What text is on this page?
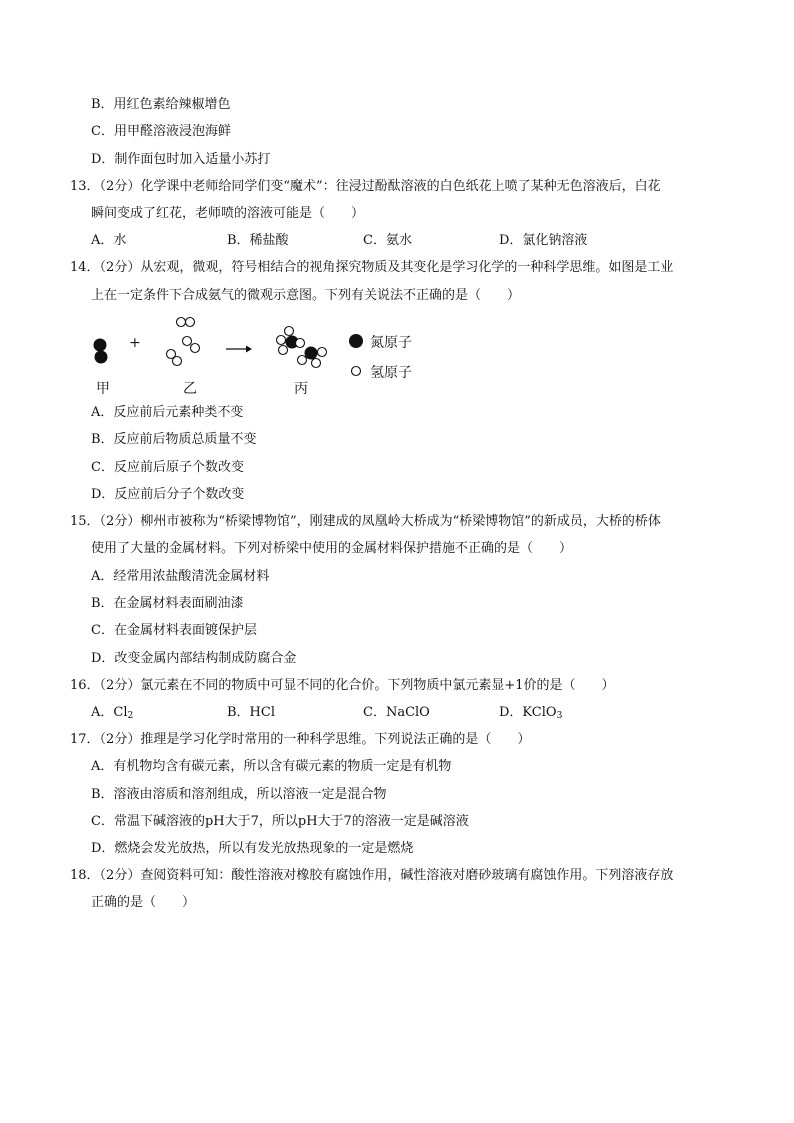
B．用红色素给辣椒增色
C．用甲醛溶液浸泡海鲜
D．制作面包时加入适量小苏打
13．（2分）化学课中老师给同学们变“魔术”：往浸过酚酞溶液的白色纸花上喷了某种无色溶液后，白花
瞬间变成了红花，老师喷的溶液可能是（　　）
A．水	B．稀盐酸	C．氨水	D．氯化钠溶液
14．（2分）从宏观，微观，符号相结合的视角探究物质及其变化是学习化学的一种科学思维。如图是工业
上在一定条件下合成氨气的微观示意图。下列有关说法不正确的是（　　）
+
甲	乙	丙
氮原子
氢原子
A．反应前后元素种类不变
B．反应前后物质总质量不变
C．反应前后原子个数改变
D．反应前后分子个数改变
15．（2分）柳州市被称为“桥梁博物馆”，刚建成的凤凰岭大桥成为“桥梁博物馆”的新成员，大桥的桥体
使用了大量的金属材料。下列对桥梁中使用的金属材料保护措施不正确的是（　　）
A．经常用浓盐酸清洗金属材料
B．在金属材料表面刷油漆
C．在金属材料表面镀保护层
D．改变金属内部结构制成防腐合金
16．（2分）氯元素在不同的物质中可显不同的化合价。下列物质中氯元素显+1价的是（　　）
A．$Cl_2$	B．HCl	C．NaClO	D．KClO$_3$
17．（2分）推理是学习化学时常用的一种科学思维。下列说法正确的是（　　）
A．有机物均含有碳元素，所以含有碳元素的物质一定是有机物
B．溶液由溶质和溶剂组成，所以溶液一定是混合物
C．常温下碱溶液的pH大于7，所以pH大于7的溶液一定是碱溶液
D．燃烧会发光放热，所以有发光放热现象的一定是燃烧
18．（2分）查阅资料可知：酸性溶液对橡胶有腐蚀作用，碱性溶液对磨砂玻璃有腐蚀作用。下列溶液存放
正确的是（　　）
